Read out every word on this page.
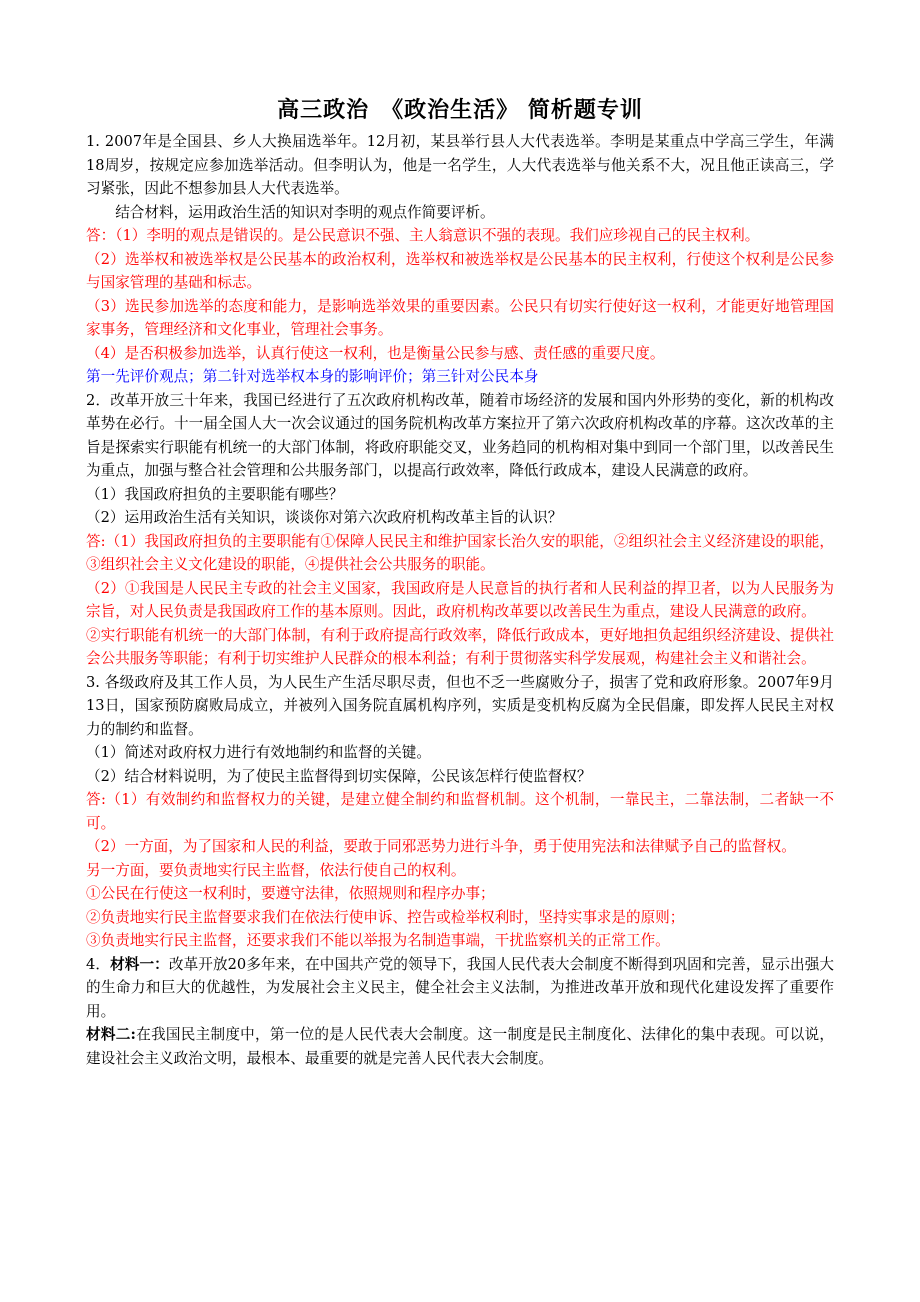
高三政治　《政治生活》 简析题专训

1. 2007年是全国县、乡人大换届选举年。12月初，某县举行县人大代表选举。李明是某重点中学高三学生，年满18周岁，按规定应参加选举活动。但李明认为，他是一名学生，人大代表选举与他关系不大，况且他正读高三，学习紧张，因此不想参加县人大代表选举。

结合材料，运用政治生活的知识对李明的观点作简要评析。

答：（1）李明的观点是错误的。是公民意识不强、主人翁意识不强的表现。我们应珍视自己的民主权利。

（2）选举权和被选举权是公民基本的政治权利，选举权和被选举权是公民基本的民主权利，行使这个权利是公民参与国家管理的基础和标志。

（3）选民参加选举的态度和能力，是影响选举效果的重要因素。公民只有切实行使好这一权利，才能更好地管理国家事务，管理经济和文化事业，管理社会事务。

（4）是否积极参加选举，认真行使这一权利，也是衡量公民参与感、责任感的重要尺度。

第一先评价观点；第二针对选举权本身的影响评价；第三针对公民本身

2．改革开放三十年来，我国已经进行了五次政府机构改革，随着市场经济的发展和国内外形势的变化，新的机构改革势在必行。十一届全国人大一次会议通过的国务院机构改革方案拉开了第六次政府机构改革的序幕。这次改革的主旨是探索实行职能有机统一的大部门体制，将政府职能交叉，业务趋同的机构相对集中到同一个部门里，以改善民生为重点，加强与整合社会管理和公共服务部门，以提高行政效率，降低行政成本，建设人民满意的政府。

（1）我国政府担负的主要职能有哪些？

（2）运用政治生活有关知识，谈谈你对第六次政府机构改革主旨的认识？

答:（1）我国政府担负的主要职能有①保障人民民主和维护国家长治久安的职能，②组织社会主义经济建设的职能，③组织社会主义文化建设的职能，④提供社会公共服务的职能。

（2）①我国是人民民主专政的社会主义国家，我国政府是人民意旨的执行者和人民利益的捍卫者，以为人民服务为宗旨，对人民负责是我国政府工作的基本原则。因此，政府机构改革要以改善民生为重点，建设人民满意的政府。

②实行职能有机统一的大部门体制，有利于政府提高行政效率，降低行政成本，更好地担负起组织经济建设、提供社会公共服务等职能；有利于切实维护人民群众的根本利益；有利于贯彻落实科学发展观，构建社会主义和谐社会。

3. 各级政府及其工作人员，为人民生产生活尽职尽责，但也不乏一些腐败分子，损害了党和政府形象。2007年9月13日，国家预防腐败局成立，并被列入国务院直属机构序列，实质是变机构反腐为全民倡廉，即发挥人民民主对权力的制约和监督。

（1）简述对政府权力进行有效地制约和监督的关键。

（2）结合材料说明，为了使民主监督得到切实保障，公民该怎样行使监督权？

答:（1）有效制约和监督权力的关键，是建立健全制约和监督机制。这个机制，一靠民主，二靠法制，二者缺一不可。

（2）一方面，为了国家和人民的利益，要敢于同邪恶势力进行斗争，勇于使用宪法和法律赋予自己的监督权。

另一方面，要负责地实行民主监督，依法行使自己的权利。

①公民在行使这一权利时，要遵守法律，依照规则和程序办事；

②负责地实行民主监督要求我们在依法行使申诉、控告或检举权利时，坚持实事求是的原则；

③负责地实行民主监督，还要求我们不能以举报为名制造事端，干扰监察机关的正常工作。

4．材料一：改革开放20多年来，在中国共产党的领导下，我国人民代表大会制度不断得到巩固和完善，显示出强大的生命力和巨大的优越性，为发展社会主义民主，健全社会主义法制，为推进改革开放和现代化建设发挥了重要作用。

材料二:在我国民主制度中，第一位的是人民代表大会制度。这一制度是民主制度化、法律化的集中表现。可以说，建设社会主义政治文明，最根本、最重要的就是完善人民代表大会制度。
